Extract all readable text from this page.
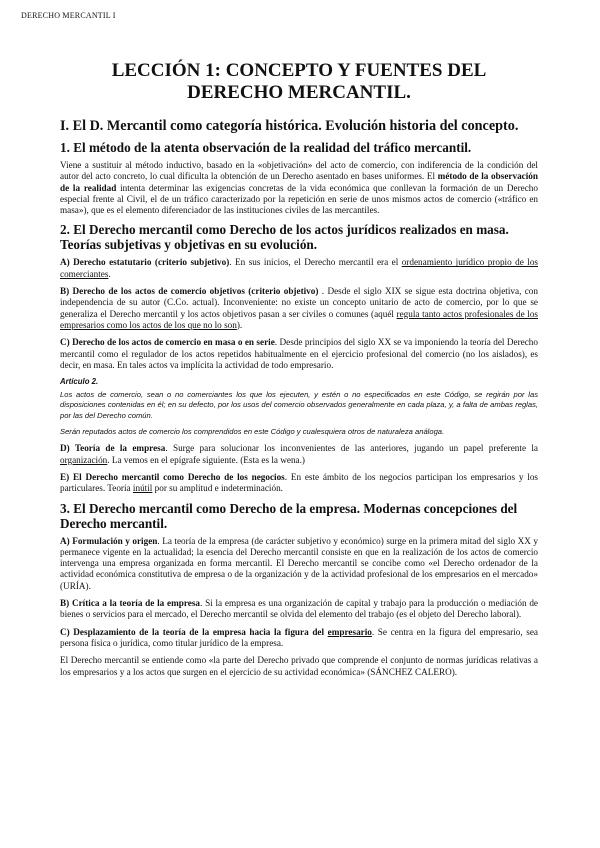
DERECHO MERCANTIL I
LECCIÓN 1: CONCEPTO Y FUENTES DEL
DERECHO MERCANTIL.
I. El D. Mercantil como categoría histórica. Evolución historia del concepto.
1. El método de la atenta observación de la realidad del tráfico mercantil.

Viene a sustituir al método inductivo, basado en la «objetivación» del acto de comercio, con indiferencia de la condición del autor del acto concreto, lo cual dificulta la obtención de un Derecho asentado en bases uniformes. El método de la observación de la realidad intenta determinar las exigencias concretas de la vida económica que conllevan la formación de un Derecho especial frente al Civil, el de un tráfico caracterizado por la repetición en serie de unos mismos actos de comercio («tráfico en masa»), que es el elemento diferenciador de las instituciones civiles de las mercantiles.

2. El Derecho mercantil como Derecho de los actos jurídicos realizados en masa. Teorías subjetivas y objetivas en su evolución.

A) Derecho estatutario (criterio subjetivo). En sus inicios, el Derecho mercantil era el ordenamiento jurídico propio de los comerciantes.

B) Derecho de los actos de comercio objetivos (criterio objetivo) . Desde el siglo XIX se sigue esta doctrina objetiva, con independencia de su autor (C.Co. actual). Inconveniente: no existe un concepto unitario de acto de comercio, por lo que se generaliza el Derecho mercantil y los actos objetivos pasan a ser civiles o comunes (aquél regula tanto actos profesionales de los empresarios como los actos de los que no lo son).

C) Derecho de los actos de comercio en masa o en serie. Desde principios del siglo XX se va imponiendo la teoría del Derecho mercantil como el regulador de los actos repetidos habitualmente en el ejercicio profesional del comercio (no los aislados), es decir, en masa. En tales actos va implícita la actividad de todo empresario.

Artículo 2.

Los actos de comercio, sean o no comerciantes los que los ejecuten, y estén o no especificados en este Código, se regirán por las disposiciones contenidas en él; en su defecto, por los usos del comercio observados generalmente en cada plaza, y, a falta de ambas reglas, por las del Derecho común.

Serán reputados actos de comercio los comprendidos en este Código y cualesquiera otros de naturaleza análoga.

D) Teoría de la empresa. Surge para solucionar los inconvenientes de las anteriores, jugando un papel preferente la organización. La vemos en el epígrafe siguiente. (Esta es la wena.)

E) El Derecho mercantil como Derecho de los negocios. En este ámbito de los negocios participan los empresarios y los particulares. Teoría inútil por su amplitud e indeterminación.

3. El Derecho mercantil como Derecho de la empresa. Modernas concepciones del Derecho mercantil.

A) Formulación y origen. La teoría de la empresa (de carácter subjetivo y económico) surge en la primera mitad del siglo XX y permanece vigente en la actualidad; la esencia del Derecho mercantil consiste en que en la realización de los actos de comercio intervenga una empresa organizada en forma mercantil. El Derecho mercantil se concibe como «el Derecho ordenador de la actividad económica constitutiva de empresa o de la organización y de la actividad profesional de los empresarios en el mercado» (URÍA).

B) Crítica a la teoría de la empresa. Si la empresa es una organización de capital y trabajo para la producción o mediación de bienes o servicios para el mercado, el Derecho mercantil se olvida del elemento del trabajo (es el objeto del Derecho laboral).

C) Desplazamiento de la teoría de la empresa hacia la figura del empresario. Se centra en la figura del empresario, sea persona física o jurídica, como titular jurídico de la empresa.

El Derecho mercantil se entiende como «la parte del Derecho privado que comprende el conjunto de normas jurídicas relativas a los empresarios y a los actos que surgen en el ejercicio de su actividad económica» (SÁNCHEZ CALERO).
